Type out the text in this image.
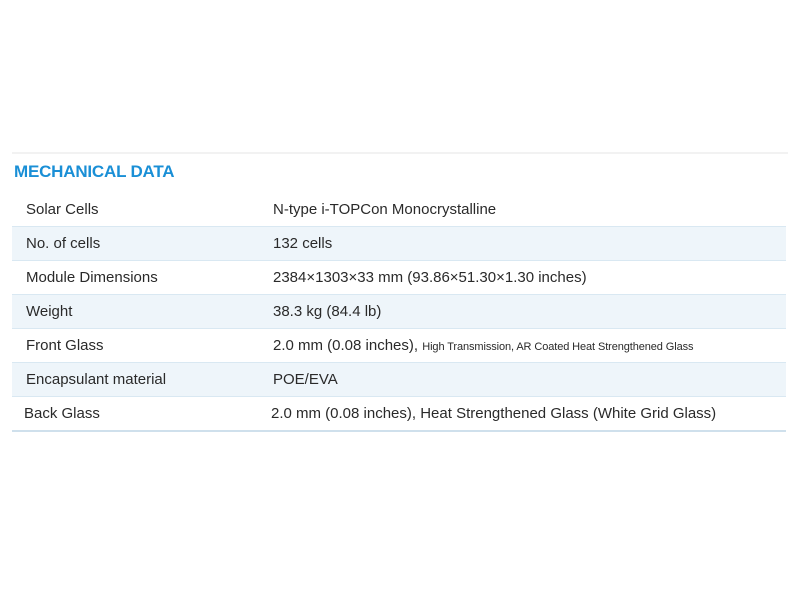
MECHANICAL DATA
Solar Cells	N-type i-TOPCon Monocrystalline
No. of cells	132 cells
Module Dimensions	2384×1303×33 mm (93.86×51.30×1.30 inches)
Weight	38.3 kg (84.4 lb)
Front Glass	2.0 mm (0.08 inches), High Transmission, AR Coated Heat Strengthened Glass
Encapsulant material	POE/EVA
Back Glass	2.0 mm (0.08 inches), Heat Strengthened Glass (White Grid Glass)
